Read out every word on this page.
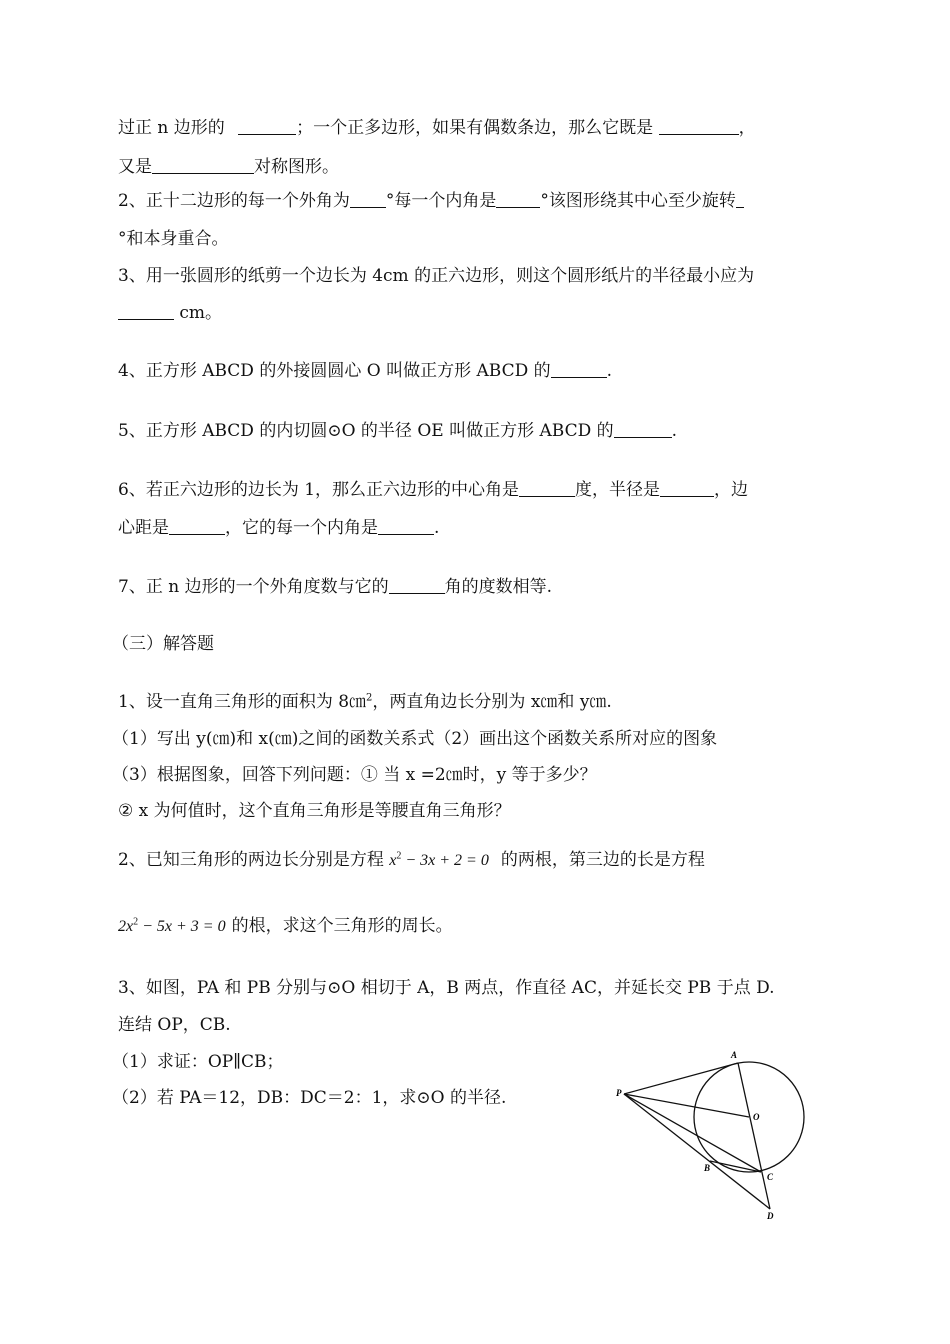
过正 n 边形的	；一个正多边形，如果有偶数条边，那么它既是	，
又是	对称图形。
2、正十二边形的每一个外角为 °每一个内角是	°该图形绕其中心至少旋转
°和本身重合。
3、用一张圆形的纸剪一个边长为 4cm 的正六边形，则这个圆形纸片的半径最小应为
cm。
4、正方形 ABCD 的外接圆圆心 O 叫做正方形 ABCD 的	.
5、正方形 ABCD 的内切圆⊙O 的半径 OE 叫做正方形 ABCD 的	.
6、若正六边形的边长为 1，那么正六边形的中心角是	度，半径是	，边
心距是	，它的每一个内角是	.
7、正 n 边形的一个外角度数与它的	角的度数相等.
（三）解答题
1、设一直角三角形的面积为 8㎝$^2$，两直角边长分别为 x㎝和 y㎝.
（1）写出 y(㎝)和 x(㎝)之间的函数关系式（2）画出这个函数关系所对应的图象
（3）根据图象，回答下列问题：① 当 x =2㎝时，y 等于多少？
② x 为何值时，这个直角三角形是等腰直角三角形？
2、已知三角形的两边长分别是方程 $x^2 - 3x + 2 = 0$ 的两根，第三边的长是方程
$2x^2 - 5x + 3 = 0$ 的根，求这个三角形的周长。
3、如图，PA 和 PB 分别与⊙O 相切于 A，B 两点，作直径 AC，并延长交 PB 于点 D.
连结 OP，CB.
（1）求证：OP∥CB；
（2）若 PA＝12，DB：DC＝2：1，求⊙O 的半径.
A
P
O
B
C
D
